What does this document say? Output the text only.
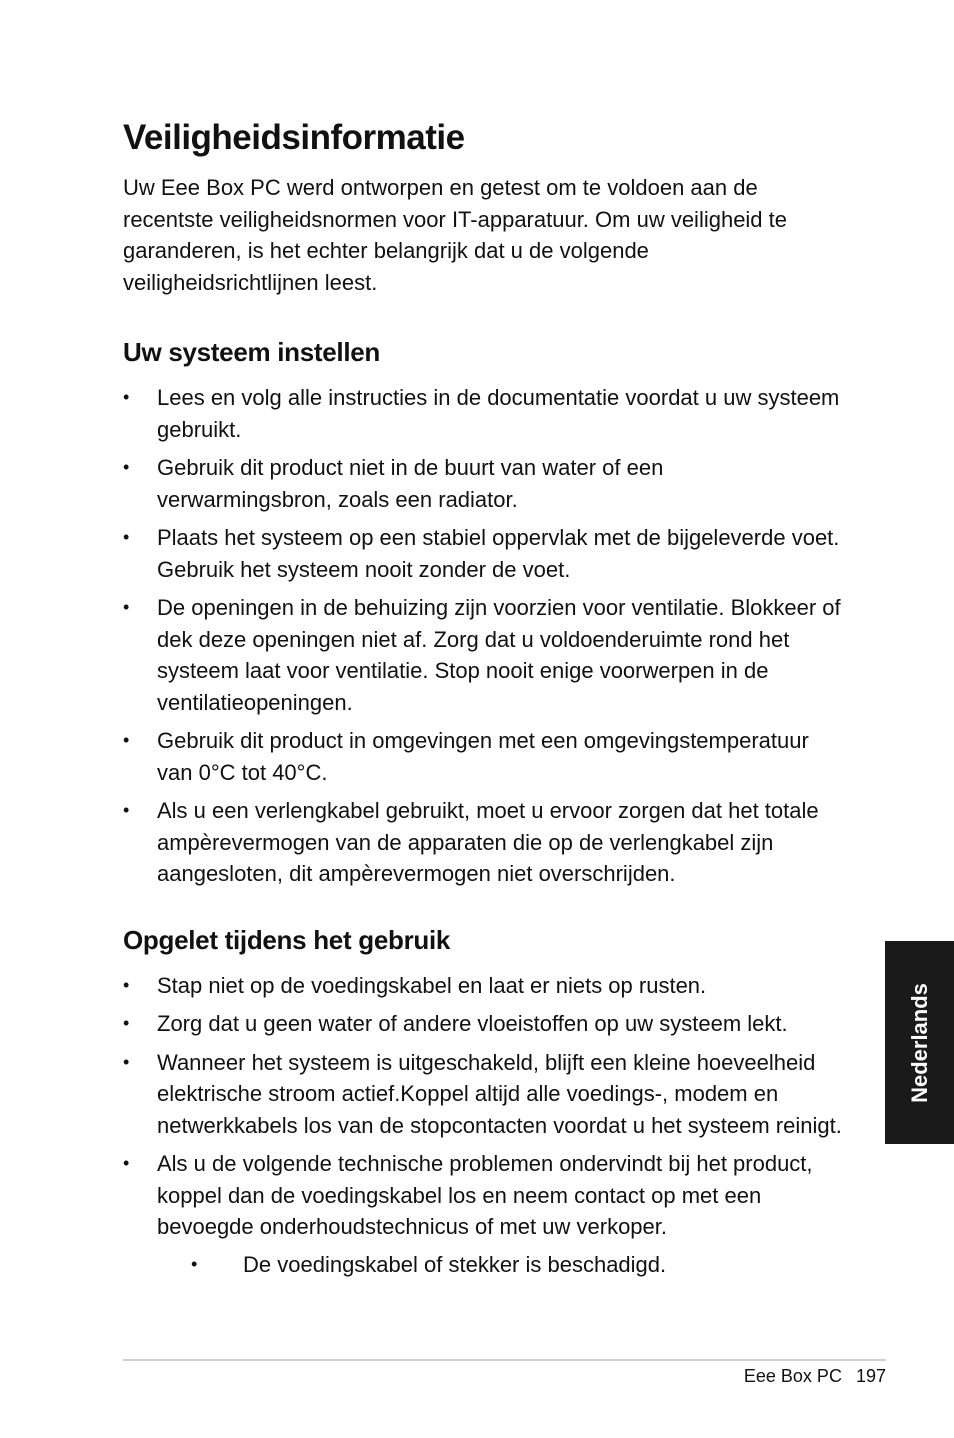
Veiligheidsinformatie

Uw Eee Box PC werd ontworpen en getest om te voldoen aan de recentste veiligheidsnormen voor IT-apparatuur. Om uw veiligheid te garanderen, is het echter belangrijk dat u de volgende veiligheidsrichtlijnen leest.

Uw systeem instellen
• Lees en volg alle instructies in de documentatie voordat u uw systeem gebruikt.
• Gebruik dit product niet in de buurt van water of een verwarmingsbron, zoals een radiator.
• Plaats het systeem op een stabiel oppervlak met de bijgeleverde voet. Gebruik het systeem nooit zonder de voet.
• De openingen in de behuizing zijn voorzien voor ventilatie. Blokkeer of dek deze openingen niet af. Zorg dat u voldoenderuimte rond het systeem laat voor ventilatie. Stop nooit enige voorwerpen in de ventilatieopeningen.
• Gebruik dit product in omgevingen met een omgevingstemperatuur van 0°C tot 40°C.
• Als u een verlengkabel gebruikt, moet u ervoor zorgen dat het totale ampèrevermogen van de apparaten die op de verlengkabel zijn aangesloten, dit ampèrevermogen niet overschrijden.
Opgelet tijdens het gebruik
• Stap niet op de voedingskabel en laat er niets op rusten.
• Zorg dat u geen water of andere vloeistoffen op uw systeem lekt.
• Wanneer het systeem is uitgeschakeld, blijft een kleine hoeveelheid elektrische stroom actief.Koppel altijd alle voedings-, modem en netwerkkabels los van de stopcontacten voordat u het systeem reinigt.
• Als u de volgende technische problemen ondervindt bij het product, koppel dan de voedingskabel los en neem contact op met een bevoegde onderhoudstechnicus of met uw verkoper.
• De voedingskabel of stekker is beschadigd.
Eee Box PC 197
Nederlands
